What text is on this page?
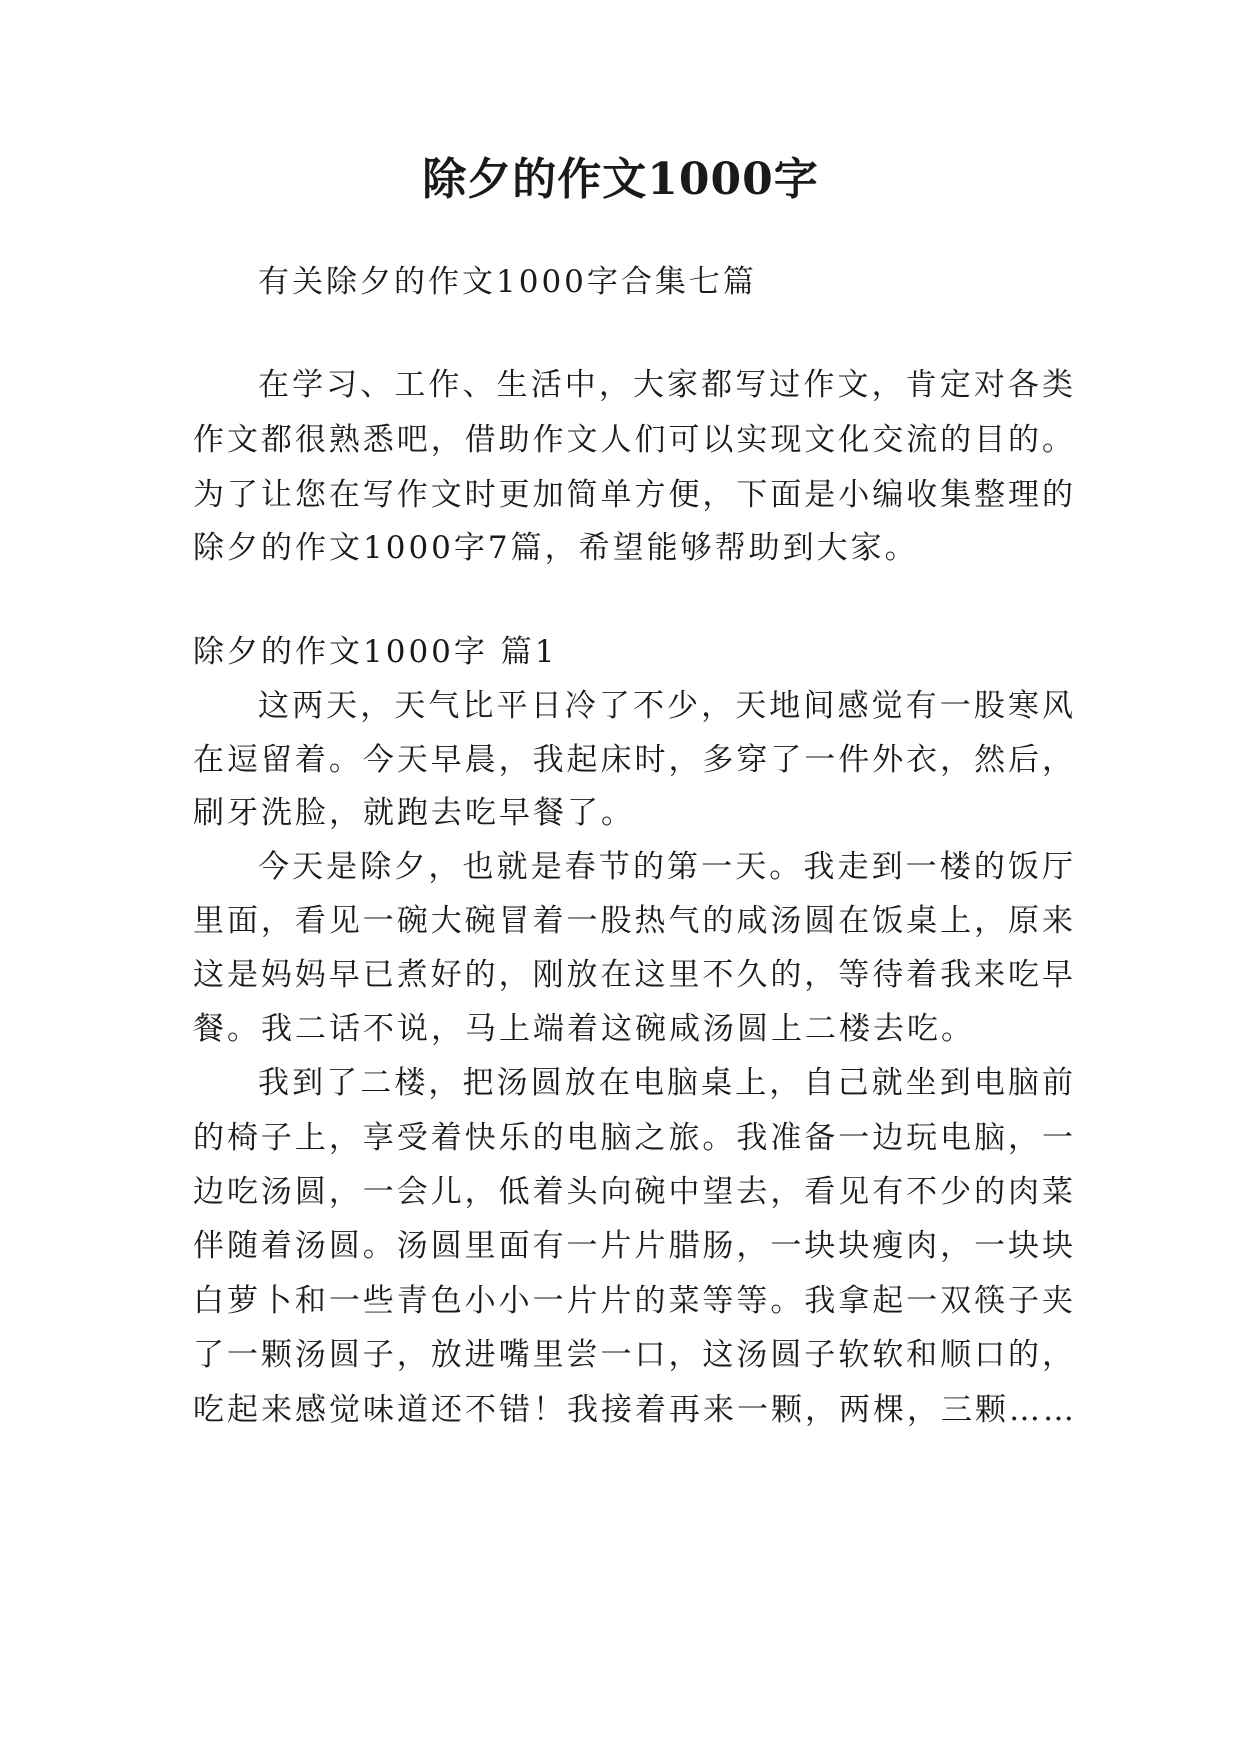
除夕的作文1000字

有关除夕的作文1000字合集七篇

在学习、工作、生活中，大家都写过作文，肯定对各类

作文都很熟悉吧，借助作文人们可以实现文化交流的目的。

为了让您在写作文时更加简单方便，下面是小编收集整理的

除夕的作文1000字7篇，希望能够帮助到大家。

除夕的作文1000字 篇1

这两天，天气比平日冷了不少，天地间感觉有一股寒风

在逗留着。今天早晨，我起床时，多穿了一件外衣，然后，

刷牙洗脸，就跑去吃早餐了。

今天是除夕，也就是春节的第一天。我走到一楼的饭厅

里面，看见一碗大碗冒着一股热气的咸汤圆在饭桌上，原来

这是妈妈早已煮好的，刚放在这里不久的，等待着我来吃早

餐。我二话不说，马上端着这碗咸汤圆上二楼去吃。

我到了二楼，把汤圆放在电脑桌上，自己就坐到电脑前

的椅子上，享受着快乐的电脑之旅。我准备一边玩电脑，一

边吃汤圆，一会儿，低着头向碗中望去，看见有不少的肉菜

伴随着汤圆。汤圆里面有一片片腊肠，一块块瘦肉，一块块

白萝卜和一些青色小小一片片的菜等等。我拿起一双筷子夹

了一颗汤圆子，放进嘴里尝一口，这汤圆子软软和顺口的，

吃起来感觉味道还不错！我接着再来一颗，两棵，三颗……
